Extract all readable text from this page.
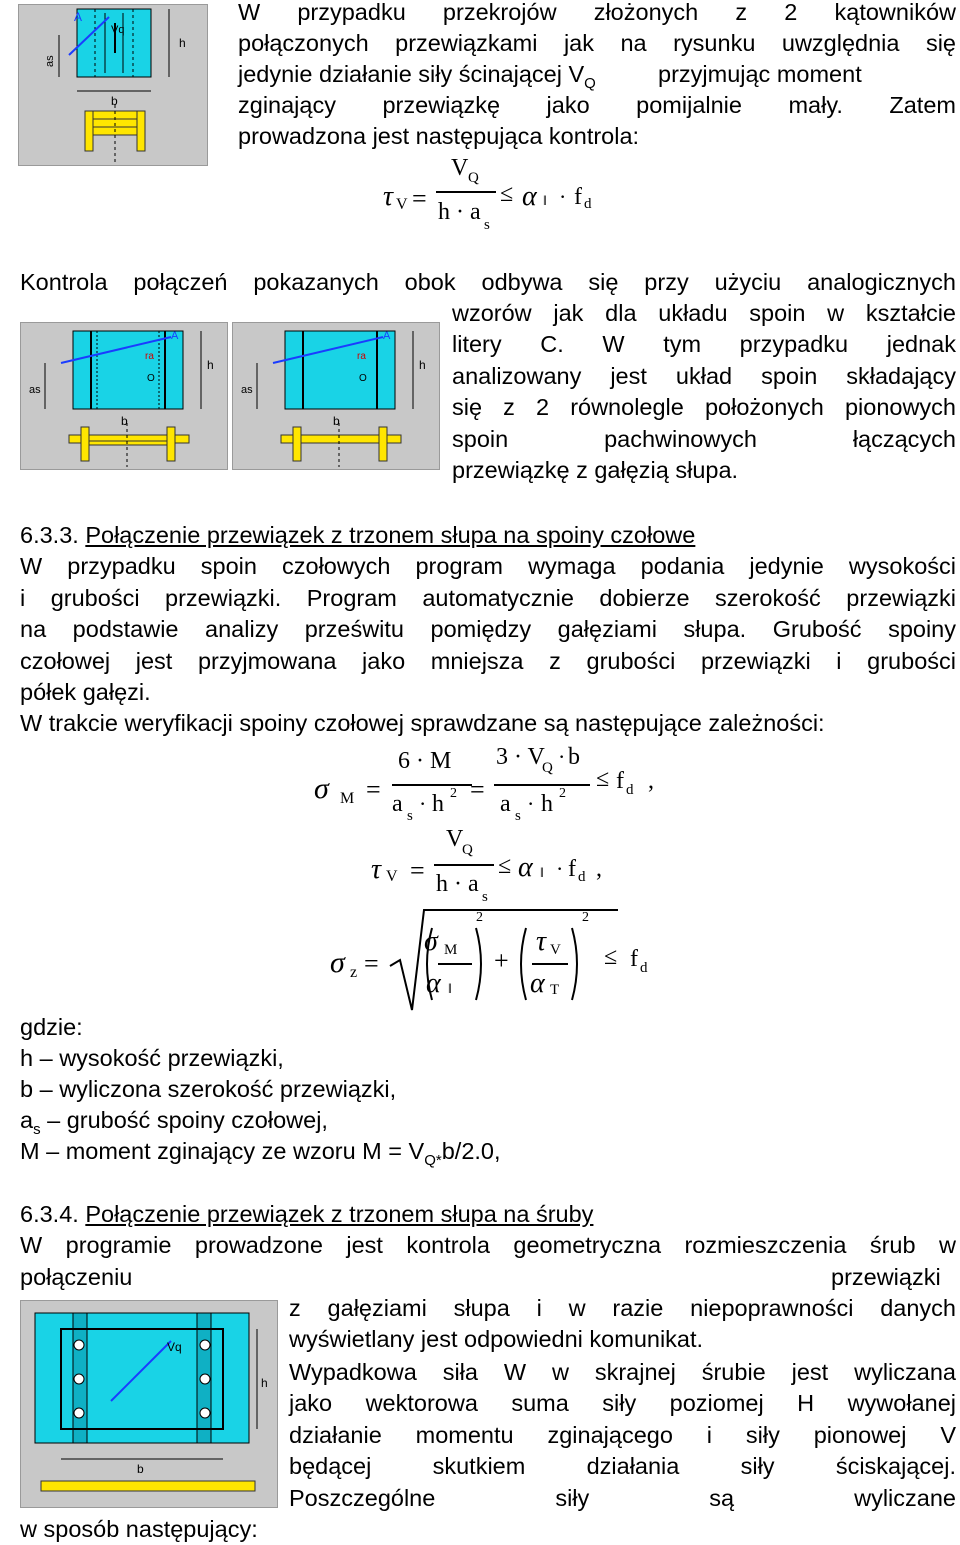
A
Vq
h
as
b
W przypadku przekrojów złożonych z 2 kątowników
połączonych przewiązkami jak na rysunku uwzględnia się
jedynie działanie siły ścinającej $V_Q$	przyjmując moment
zginający przewiązkę jako pomijalnie mały. Zatem
prowadzona jest następująca kontrola:
τ V =
V Q
h · a s
≤ α ǁ · f d
Kontrola połączeń pokazanych obok odbywa się przy użyciu analogicznych
wzorów jak dla układu spoin w kształcie
litery C. W tym przypadku jednak
analizowany jest układ spoin składający
się z 2 równolegle położonych pionowych
spoin pachwinowych łączących
przewiązkę z gałęzią słupa.
A
ra
O
h
as
b
A
ra
O
h
as
b
6.3.3. Połączenie przewiązek z trzonem słupa na spoiny czołowe
W przypadku spoin czołowych program wymaga podania jedynie wysokości
i grubości przewiązki. Program automatycznie dobierze szerokość przewiązki
na podstawie analizy prześwitu pomiędzy gałęziami słupa. Grubość spoiny
czołowej jest przyjmowana jako mniejsza z grubości przewiązki i grubości
półek gałęzi.
W trakcie weryfikacji spoiny czołowej sprawdzane są następujące zależności:
σ M =
6 · M
a s · h 2 =
3 · V
Q · b
a s · h 2
≤ f d ,
τ V =
V
Q
h · a s
≤ α ǁ · f d ,
σ z =
2	2
σ M
α ǁ
+
τ V
α T
≤ f d
gdzie:
h – wysokość przewiązki,
b – wyliczona szerokość przewiązki,
$a_s$ – grubość spoiny czołowej,
M – moment zginający ze wzoru $M = V_{Q*}b/2.0$,
6.3.4. Połączenie przewiązek z trzonem słupa na śruby
W programie prowadzone jest kontrola geometryczna rozmieszczenia śrub w
połączeniu	przewiązki
z gałęziami słupa i w razie niepoprawności danych
wyświetlany jest odpowiedni komunikat.
Wypadkowa siła W w skrajnej śrubie jest wyliczana
jako wektorowa suma siły poziomej H wywołanej
działanie momentu zginającego i siły pionowej V
będącej skutkiem działania siły ściskającej.
Poszczególne siły są wyliczane
w sposób następujący:
Vq
h
b
